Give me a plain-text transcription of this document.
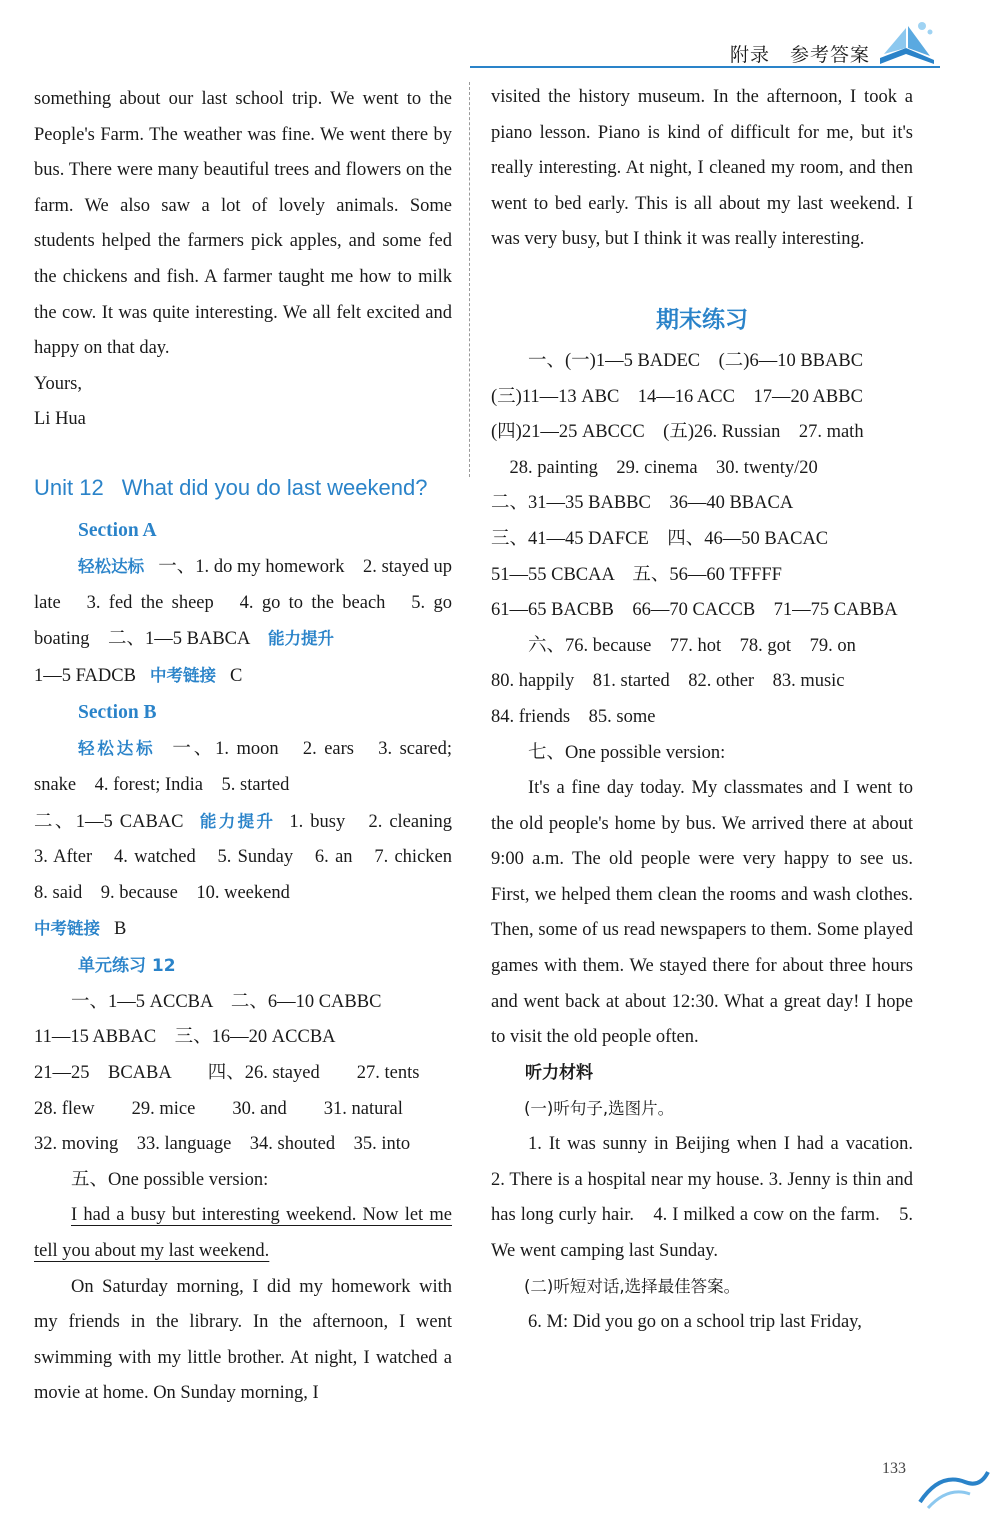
附录　参考答案

something about our last school trip. We went to the People's Farm. The weather was fine. We went there by bus. There were many beautiful trees and flowers on the farm. We also saw a lot of lovely animals. Some students helped the farmers pick apples, and some fed the chickens and fish. A farmer taught me how to milk the cow. It was quite interesting. We all felt excited and happy on that day.

Yours,

Li Hua

Unit 12 What did you do last weekend?
Section A

轻松达标 一、1. do my homework　2. stayed up late　3. fed the sheep　4. go to the beach　5. go boating　二、1—5 BABCA 能力提升

1—5 FADCB 中考链接 C

Section B

轻松达标 一、1. moon　2. ears　3. scared; snake　4. forest; India　5. started

二、1—5 CABAC 能力提升 1. busy　2. cleaning　3. After　4. watched　5. Sunday　6. an　7. chicken　8. said　9. because　10. weekend

中考链接 B

单元练习 12

一、1—5 ACCBA　二、6—10 CABBC

11—15 ABBAC　三、16—20 ACCBA

21—25　BCABA　　四、26. stayed　　27. tents

28. flew　　29. mice　　30. and　　31. natural

32. moving　33. language　34. shouted　35. into

五、One possible version:

I had a busy but interesting weekend. Now let me tell you about my last weekend.

On Saturday morning, I did my homework with my friends in the library. In the afternoon, I went swimming with my little brother. At night, I watched a movie at home. On Sunday morning, I

visited the history museum. In the afternoon, I took a piano lesson. Piano is kind of difficult for me, but it's really interesting. At night, I cleaned my room, and then went to bed early. This is all about my last weekend. I was very busy, but I think it was really interesting.

期末练习

一、(一)1—5 BADEC　(二)6—10 BBABC

(三)11—13 ABC　14—16 ACC　17—20 ABBC

(四)21—25 ABCCC　(五)26. Russian　27. math

28. painting　29. cinema　30. twenty/20

二、31—35 BABBC　36—40 BBACA

三、41—45 DAFCE　四、46—50 BACAC

51—55 CBCAA　五、56—60 TFFFF

61—65 BACBB　66—70 CACCB　71—75 CABBA

六、76. because　77. hot　78. got　79. on

80. happily　81. started　82. other　83. music

84. friends　85. some

七、One possible version:

It's a fine day today. My classmates and I went to the old people's home by bus. We arrived there at about 9:00 a.m. The old people were very happy to see us. First, we helped them clean the rooms and wash clothes. Then, some of us read newspapers to them. Some played games with them. We stayed there for about three hours and went back at about 12:30. What a great day! I hope to visit the old people often.

听力材料

(一)听句子,选图片。

1. It was sunny in Beijing when I had a vacation.　2. There is a hospital near my house. 3. Jenny is thin and has long curly hair.　4. I milked a cow on the farm.　5. We went camping last Sunday.

(二)听短对话,选择最佳答案。

6. M: Did you go on a school trip last Friday,

133
